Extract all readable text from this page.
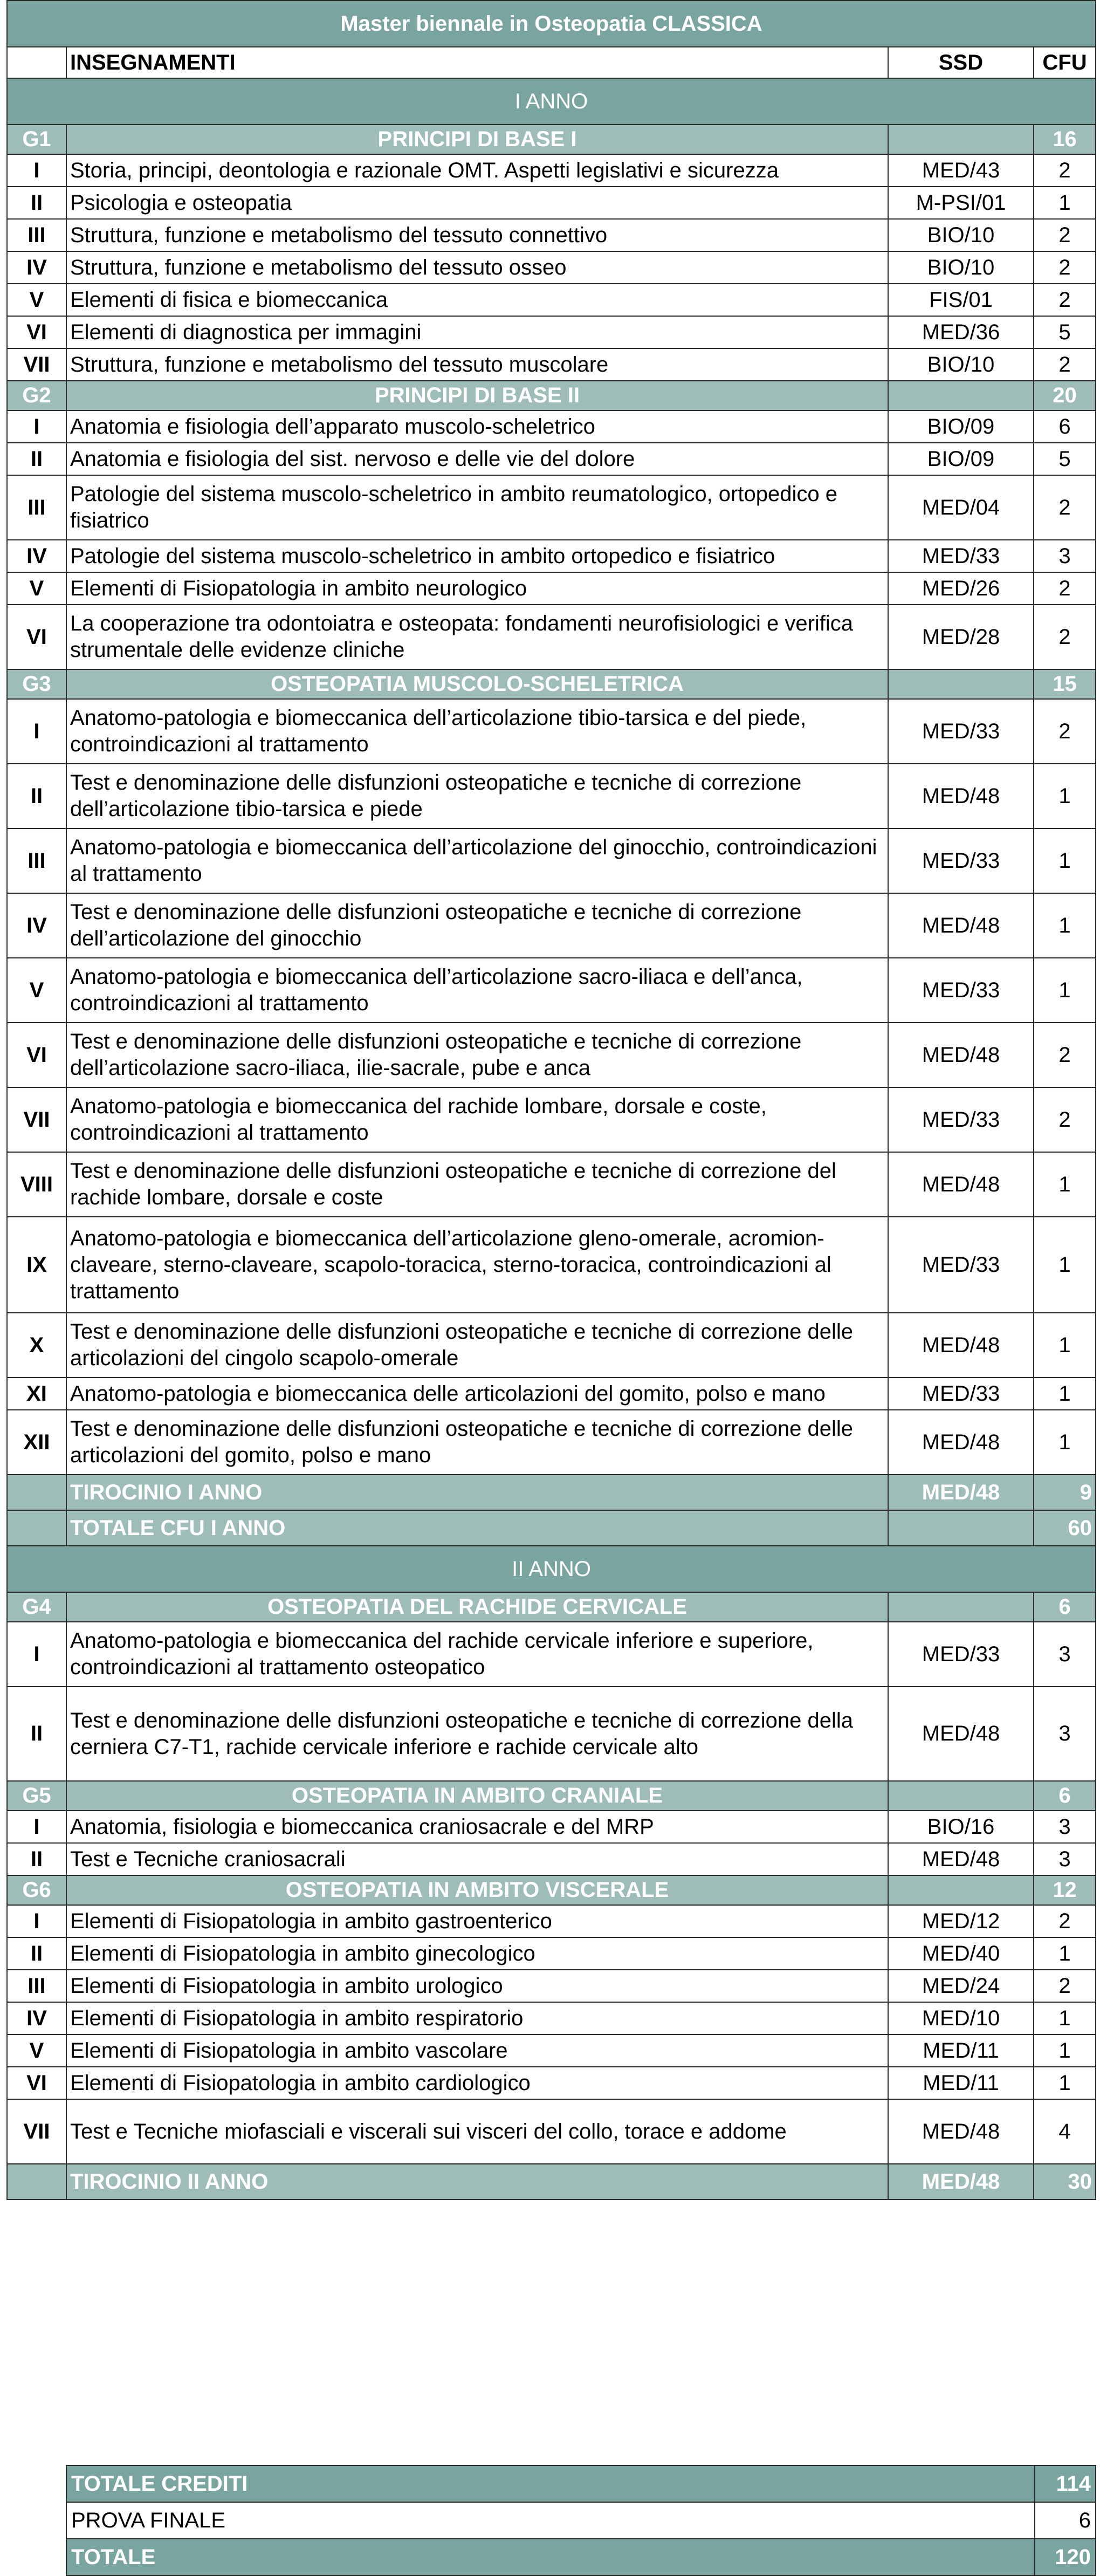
Master biennale in Osteopatia CLASSICA			
	INSEGNAMENTI	SSD	CFU
I ANNO			
G1	PRINCIPI DI BASE I		16
I	Storia, principi, deontologia e razionale OMT. Aspetti legislativi e sicurezza	MED/43	2
II	Psicologia e osteopatia	M-PSI/01	1
III	Struttura, funzione e metabolismo del tessuto connettivo	BIO/10	2
IV	Struttura, funzione e metabolismo del tessuto osseo	BIO/10	2
V	Elementi di fisica e biomeccanica	FIS/01	2
VI	Elementi di diagnostica per immagini	MED/36	5
VII	Struttura, funzione e metabolismo del tessuto muscolare	BIO/10	2
G2	PRINCIPI DI BASE II		20
I	Anatomia e fisiologia dell’apparato muscolo-scheletrico	BIO/09	6
II	Anatomia e fisiologia del sist. nervoso e delle vie del dolore	BIO/09	5
III	Patologie del sistema muscolo-scheletrico in ambito reumatologico, ortopedico e fisiatrico	MED/04	2
IV	Patologie del sistema muscolo-scheletrico in ambito ortopedico e fisiatrico	MED/33	3
V	Elementi di Fisiopatologia in ambito neurologico	MED/26	2
VI	La cooperazione tra odontoiatra e osteopata: fondamenti neurofisiologici e verifica strumentale delle evidenze cliniche	MED/28	2
G3	OSTEOPATIA MUSCOLO-SCHELETRICA		15
I	Anatomo-patologia e biomeccanica dell’articolazione tibio-tarsica e del piede, controindicazioni al trattamento	MED/33	2
II	Test e denominazione delle disfunzioni osteopatiche e tecniche di correzione dell’articolazione tibio-tarsica e piede	MED/48	1
III	Anatomo-patologia e biomeccanica dell’articolazione del ginocchio, controindicazioni al trattamento	MED/33	1
IV	Test e denominazione delle disfunzioni osteopatiche e tecniche di correzione dell’articolazione del ginocchio	MED/48	1
V	Anatomo-patologia e biomeccanica dell’articolazione sacro-iliaca e dell’anca, controindicazioni al trattamento	MED/33	1
VI	Test e denominazione delle disfunzioni osteopatiche e tecniche di correzione dell’articolazione sacro-iliaca, ilie-sacrale, pube e anca	MED/48	2
VII	Anatomo-patologia e biomeccanica del rachide lombare, dorsale e coste, controindicazioni al trattamento	MED/33	2
VIII	Test e denominazione delle disfunzioni osteopatiche e tecniche di correzione del rachide lombare, dorsale e coste	MED/48	1
IX	Anatomo-patologia e biomeccanica dell’articolazione gleno-omerale, acromion-claveare, sterno-claveare, scapolo-toracica, sterno-toracica, controindicazioni al trattamento	MED/33	1
X	Test e denominazione delle disfunzioni osteopatiche e tecniche di correzione delle articolazioni del cingolo scapolo-omerale	MED/48	1
XI	Anatomo-patologia e biomeccanica delle articolazioni del gomito, polso e mano	MED/33	1
XII	Test e denominazione delle disfunzioni osteopatiche e tecniche di correzione delle articolazioni del gomito, polso e mano	MED/48	1
	TIROCINIO I ANNO	MED/48	9
	TOTALE CFU I ANNO		60
II ANNO			
G4	OSTEOPATIA DEL RACHIDE CERVICALE		6
I	Anatomo-patologia e biomeccanica del rachide cervicale inferiore e superiore, controindicazioni al trattamento osteopatico	MED/33	3
II	Test e denominazione delle disfunzioni osteopatiche e tecniche di correzione della cerniera C7-T1, rachide cervicale inferiore e rachide cervicale alto	MED/48	3
G5	OSTEOPATIA IN AMBITO CRANIALE		6
I	Anatomia, fisiologia e biomeccanica craniosacrale e del MRP	BIO/16	3
II	Test e Tecniche craniosacrali	MED/48	3
G6	OSTEOPATIA IN AMBITO VISCERALE		12
I	Elementi di Fisiopatologia in ambito gastroenterico	MED/12	2
II	Elementi di Fisiopatologia in ambito ginecologico	MED/40	1
III	Elementi di Fisiopatologia in ambito urologico	MED/24	2
IV	Elementi di Fisiopatologia in ambito respiratorio	MED/10	1
V	Elementi di Fisiopatologia in ambito vascolare	MED/11	1
VI	Elementi di Fisiopatologia in ambito cardiologico	MED/11	1
VII	Test e Tecniche miofasciali e viscerali sui visceri del collo, torace e addome	MED/48	4
	TIROCINIO II ANNO	MED/48	30
TOTALE CREDITI	114
PROVA FINALE	6
TOTALE	120
